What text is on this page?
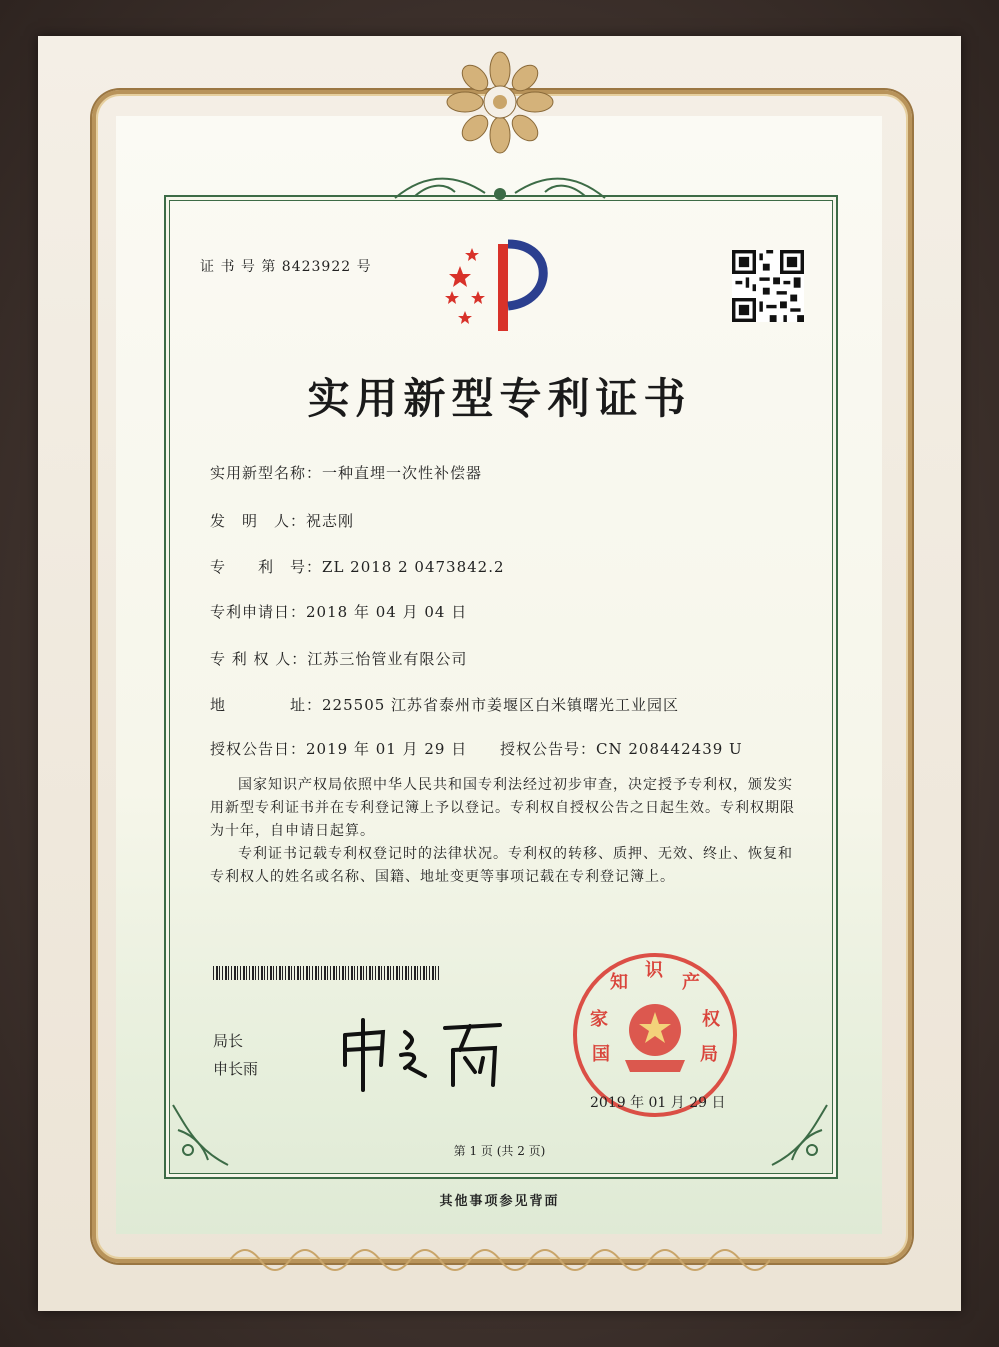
证 书 号 第 8423922 号
实用新型专利证书
实用新型名称：一种直埋一次性补偿器
发　明　人：祝志刚
专　　利　号：ZL 2018 2 0473842.2
专利申请日：2018 年 04 月 04 日
专 利 权 人：江苏三怡管业有限公司
地　　　　址：225505 江苏省泰州市姜堰区白米镇曙光工业园区
授权公告日：2019 年 01 月 29 日 授权公告号：CN 208442439 U
国家知识产权局依照中华人民共和国专利法经过初步审查，决定授予专利权，颁发实用新型专利证书并在专利登记簿上予以登记。专利权自授权公告之日起生效。专利权期限为十年，自申请日起算。
专利证书记载专利权登记时的法律状况。专利权的转移、质押、无效、终止、恢复和专利权人的姓名或名称、国籍、地址变更等事项记载在专利登记簿上。
局长
申长雨
国
家
知
识
产
权
局
2019 年 01 月 29 日
第 1 页 (共 2 页)
其他事项参见背面
